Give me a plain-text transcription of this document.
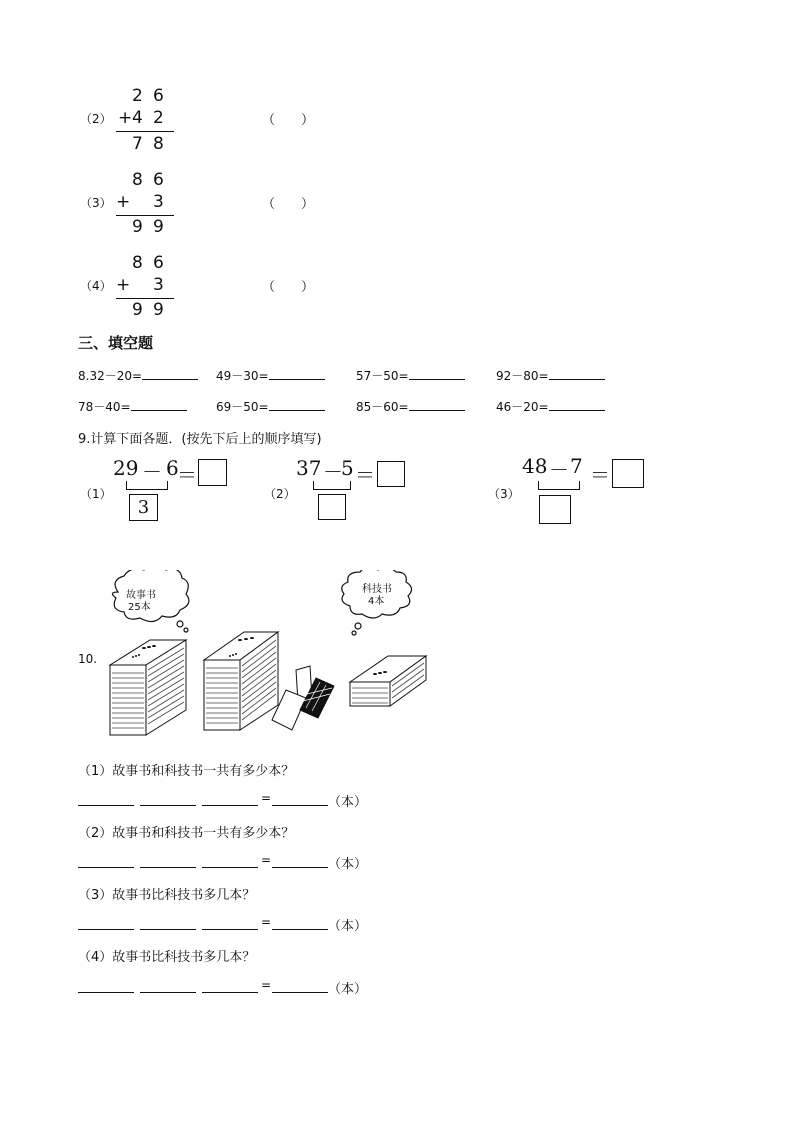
（2）
2 6
+ 4 2
7 8
（　　）
（3）
8 6
+ 3
9 9
（　　）
（4）
8 6
+ 3
9 9
（　　）
三、填空题
8.32－20=	49－30=	57－50=	92－80=
78－40=	69－50=	85－60=	46－20=
9.计算下面各题．(按先下后上的顺序填写)
（1）
29 － 6
＝
3
（2）
37 －
5 ＝
（3）
48 － 7 ＝
10.
故事书
25本
科技书
4本
（1）故事书和科技书一共有多少本？
=	（本）
（2）故事书和科技书一共有多少本？
=	（本）
（3）故事书比科技书多几本？
=	（本）
（4）故事书比科技书多几本？
=	（本）
